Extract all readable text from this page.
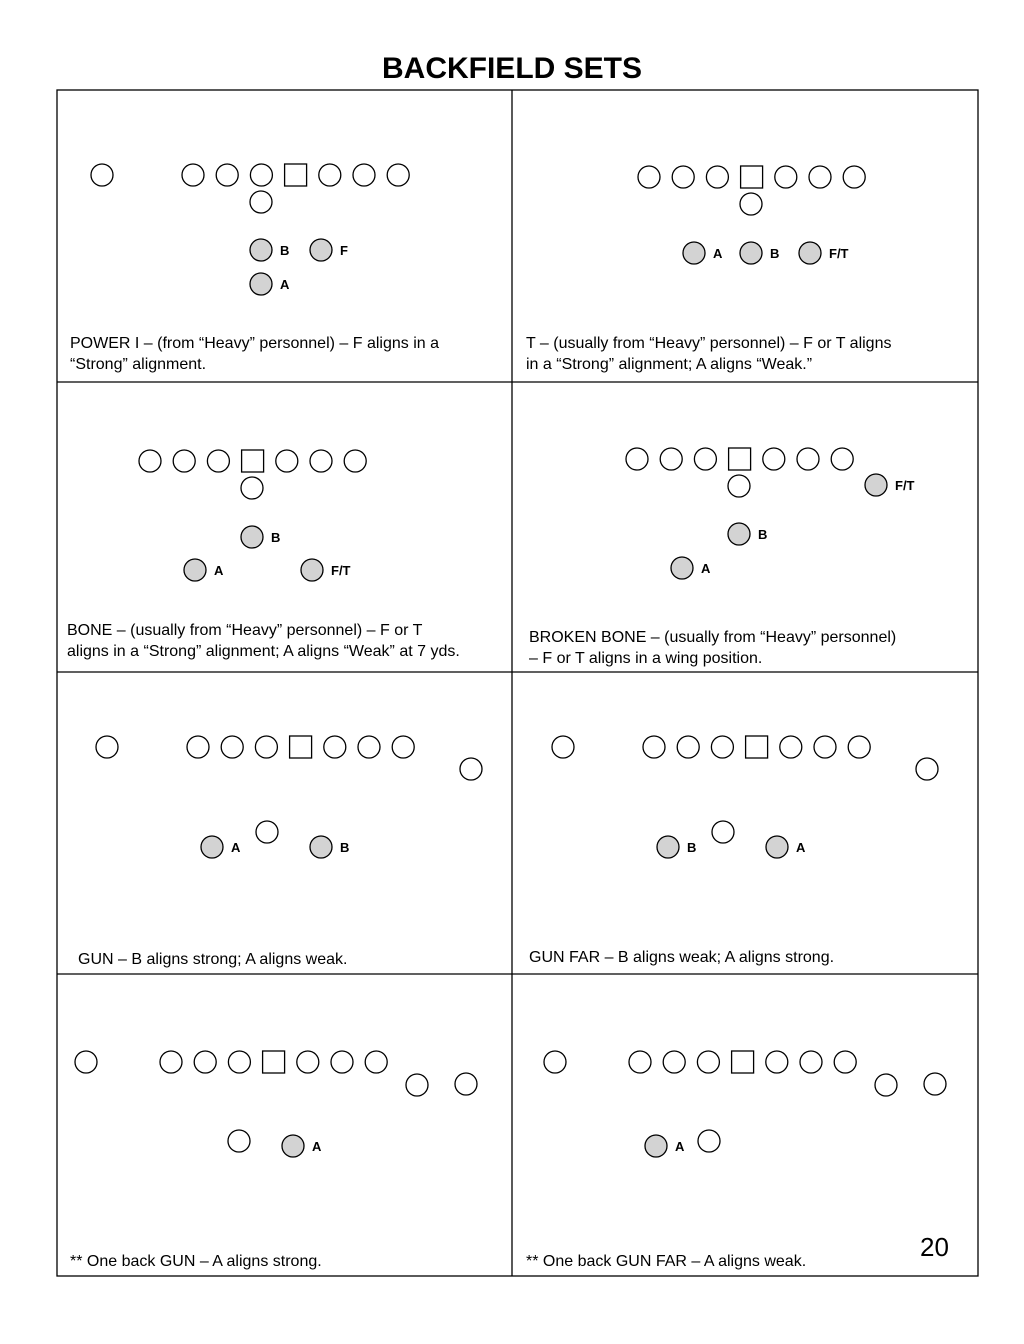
BACKFIELD SETS
B	F
A
A	B	F/T
B
A	F/T
F/T
B
A
A	B	B	A
A	A
POWER I – (from “Heavy” personnel) – F aligns in a
“Strong” alignment.
T – (usually from “Heavy” personnel) – F or T aligns
in a “Strong” alignment; A aligns “Weak.”
BONE – (usually from “Heavy” personnel) – F or T
aligns in a “Strong” alignment; A aligns “Weak” at 7 yds.
BROKEN BONE – (usually from “Heavy” personnel)
– F or T aligns in a wing position.
GUN – B aligns strong; A aligns weak.	GUN FAR – B aligns weak; A aligns strong.
** One back GUN – A aligns strong.	** One back GUN FAR – A aligns weak.	20
